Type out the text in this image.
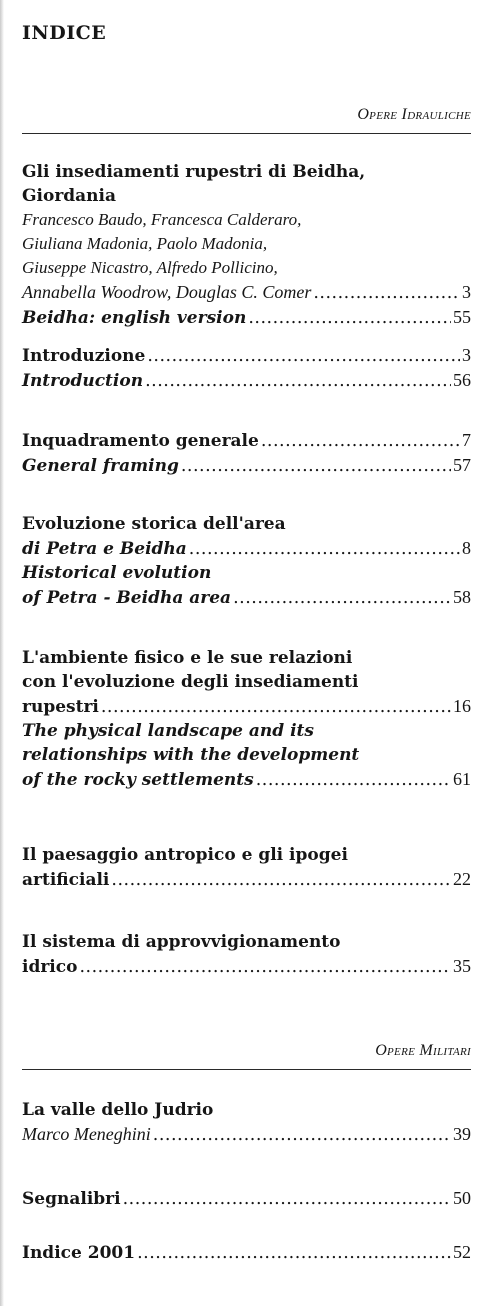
INDICE
Opere Idrauliche
Gli insediamenti rupestri di Beidha,
Giordania
Francesco Baudo, Francesca Calderaro,
Giuliana Madonia, Paolo Madonia,
Giuseppe Nicastro, Alfredo Pollicino,
Annabella Woodrow, Douglas C. Comer .....	3
Beidha: english version .....	55
Introduzione .....	3
Introduction .....	56
Inquadramento generale .....	7
General framing .....	57
Evoluzione storica dell'area
di Petra e Beidha .....	8
Historical evolution
of Petra - Beidha area .....	58
L'ambiente fisico e le sue relazioni
con l'evoluzione degli insediamenti
rupestri .....	16
The physical landscape and its
relationships with the development
of the rocky settlements .....	61
Il paesaggio antropico e gli ipogei
artificiali .....	22
Il sistema di approvvigionamento
idrico .....	35
Opere Militari
La valle dello Judrio
Marco Meneghini .....	39
Segnalibri .....	50
Indice 2001 .....	52
